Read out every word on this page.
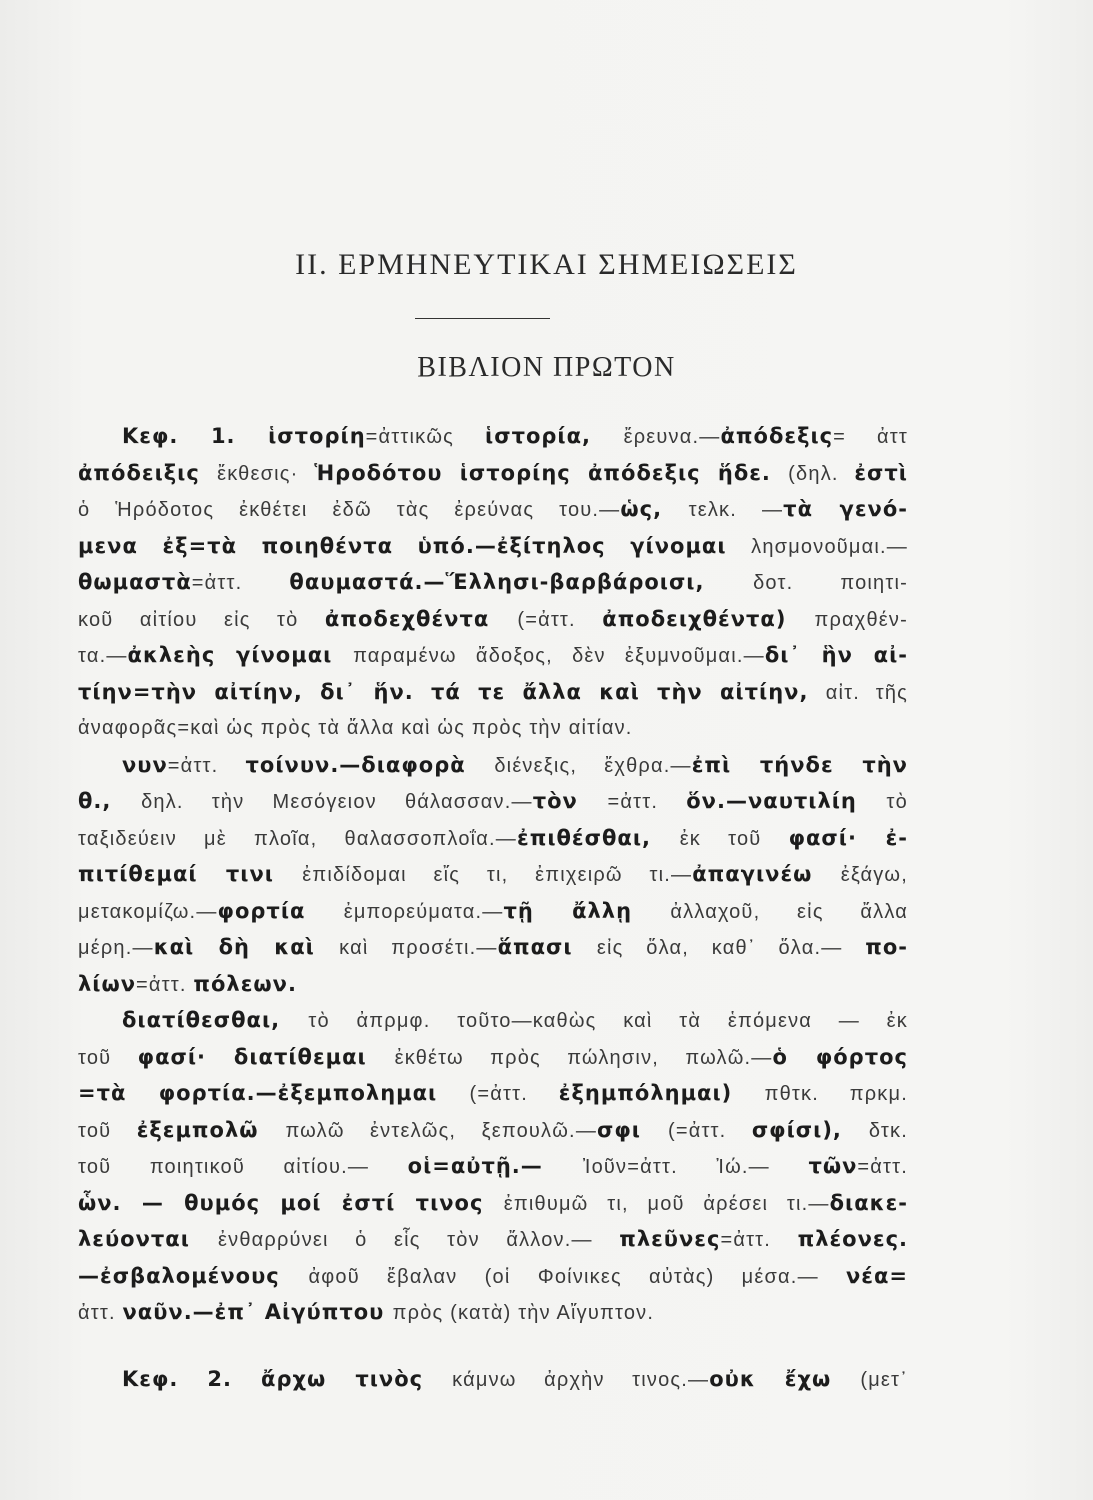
II. ΕΡΜΗΝΕΥΤΙΚΑΙ ΣΗΜΕΙΩΣΕΙΣ
ΒΙΒΛΙΟΝ ΠΡΩΤΟΝ
Κεφ. 1. ἱστορίη=ἀττικῶς ἱστορία, ἔρευνα.—ἀπόδεξις= ἀττ
ἀπόδειξις ἔκθεσις· Ἡροδότου ἱστορίης ἀπόδεξις ἥδε. (δηλ. ἐστὶ
ὁ Ἡρόδοτος ἐκθέτει ἐδῶ τὰς ἐρεύνας του.—ὡς, τελκ. —τὰ γενό-
μενα ἐξ=τὰ ποιηθέντα ὑπό.—ἐξίτηλος γίνομαι λησμονοῦμαι.—
θωμαστὰ=ἀττ. θαυμαστά.—Ἕλλησι-βαρβάροισι, δοτ. ποιητι-
κοῦ αἰτίου εἰς τὸ ἀποδεχθέντα (=ἀττ. ἀποδειχθέντα) πραχθέν-
τα.—ἀκλεὴς γίνομαι παραμένω ἄδοξος, δὲν ἐξυμνοῦμαι.—δι᾽ ἣν αἰ-
τίην=τὴν αἰτίην, δι᾽ ἥν. τά τε ἄλλα καὶ τὴν αἰτίην, αἰτ. τῆς
ἀναφορᾶς=καὶ ὡς πρὸς τὰ ἄλλα καὶ ὡς πρὸς τὴν αἰτίαν.
νυν=ἀττ. τοίνυν.—διαφορὰ διένεξις, ἔχθρα.—ἐπὶ τήνδε τὴν
θ., δηλ. τὴν Μεσόγειον θάλασσαν.—τὸν =ἀττ. ὅν.—ναυτιλίη τὸ
ταξιδεύειν μὲ πλοῖα, θαλασσοπλοΐα.—ἐπιθέσθαι, ἐκ τοῦ φασί· ἐ-
πιτίθεμαί τινι ἐπιδίδομαι εἴς τι, ἐπιχειρῶ τι.—ἀπαγινέω ἐξάγω,
μετακομίζω.—φορτία ἐμπορεύματα.—τῇ ἄλλῃ ἀλλαχοῦ, εἰς ἄλλα
μέρη.—καὶ δὴ καὶ καὶ προσέτι.—ἅπασι εἰς ὅλα, καθ᾽ ὅλα.— πο-
λίων=ἀττ. πόλεων.
διατίθεσθαι, τὸ ἀπρμφ. τοῦτο—καθὼς καὶ τὰ ἑπόμενα — ἐκ
τοῦ φασί· διατίθεμαι ἐκθέτω πρὸς πώλησιν, πωλῶ.—ὁ φόρτος
=τὰ φορτία.—ἐξεμπολημαι (=ἀττ. ἐξημπόλημαι) πθτκ. πρκμ.
τοῦ ἐξεμπολῶ πωλῶ ἐντελῶς, ξεπουλῶ.—σφι (=ἀττ. σφίσι), δτκ.
τοῦ ποιητικοῦ αἰτίου.— οἱ=αὐτῇ.— Ἰοῦν=ἀττ. Ἰώ.— τῶν=ἀττ.
ὧν. — θυμός μοί ἐστί τινος ἐπιθυμῶ τι, μοῦ ἀρέσει τι.—διακε-
λεύονται ἐνθαρρύνει ὁ εἷς τὸν ἄλλον.— πλεῦνες=ἀττ. πλέονες.
—ἐσβαλομένους ἀφοῦ ἔβαλαν (οἱ Φοίνικες αὐτὰς) μέσα.— νέα=
ἀττ. ναῦν.—ἐπ᾽ Αἰγύπτου πρὸς (κατὰ) τὴν Αἴγυπτον.
Κεφ. 2. ἄρχω τινὸς κάμνω ἀρχὴν τινος.—οὐκ ἔχω (μετ᾽
